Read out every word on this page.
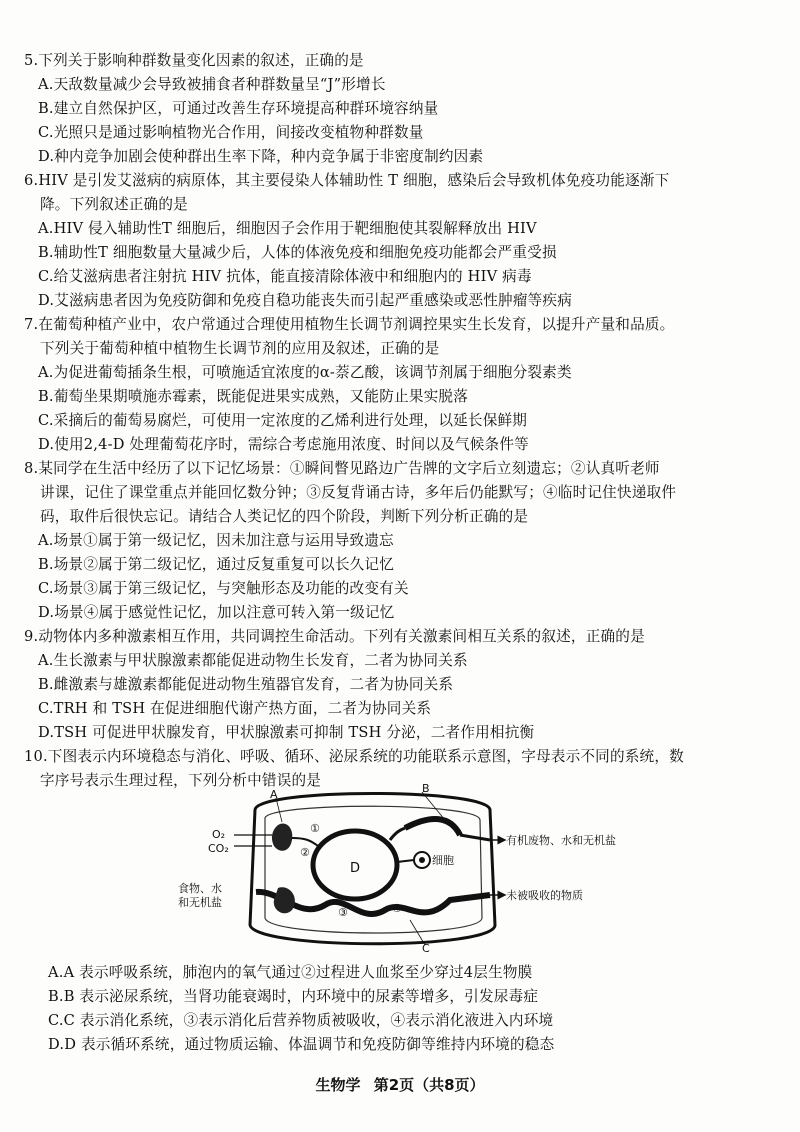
5.下列关于影响种群数量变化因素的叙述，正确的是
A.天敌数量减少会导致被捕食者种群数量呈“J”形增长
B.建立自然保护区，可通过改善生存环境提高种群环境容纳量
C.光照只是通过影响植物光合作用，间接改变植物种群数量
D.种内竞争加剧会使种群出生率下降，种内竞争属于非密度制约因素
6.HIV 是引发艾滋病的病原体，其主要侵染人体辅助性 T 细胞，感染后会导致机体免疫功能逐渐下
降。下列叙述正确的是
A.HIV 侵入辅助性T 细胞后，细胞因子会作用于靶细胞使其裂解释放出 HIV
B.辅助性T 细胞数量大量减少后，人体的体液免疫和细胞免疫功能都会严重受损
C.给艾滋病患者注射抗 HIV 抗体，能直接清除体液中和细胞内的 HIV 病毒
D.艾滋病患者因为免疫防御和免疫自稳功能丧失而引起严重感染或恶性肿瘤等疾病
7.在葡萄种植产业中，农户常通过合理使用植物生长调节剂调控果实生长发育，以提升产量和品质。
下列关于葡萄种植中植物生长调节剂的应用及叙述，正确的是
A.为促进葡萄插条生根，可喷施适宜浓度的α-萘乙酸，该调节剂属于细胞分裂素类
B.葡萄坐果期喷施赤霉素，既能促进果实成熟，又能防止果实脱落
C.采摘后的葡萄易腐烂，可使用一定浓度的乙烯利进行处理，以延长保鲜期
D.使用2,4-D 处理葡萄花序时，需综合考虑施用浓度、时间以及气候条件等
8.某同学在生活中经历了以下记忆场景：①瞬间瞥见路边广告牌的文字后立刻遗忘；②认真听老师
讲课，记住了课堂重点并能回忆数分钟；③反复背诵古诗，多年后仍能默写；④临时记住快递取件
码，取件后很快忘记。请结合人类记忆的四个阶段，判断下列分析正确的是
A.场景①属于第一级记忆，因未加注意与运用导致遗忘
B.场景②属于第二级记忆，通过反复重复可以长久记忆
C.场景③属于第三级记忆，与突触形态及功能的改变有关
D.场景④属于感觉性记忆，加以注意可转入第一级记忆
9.动物体内多种激素相互作用，共同调控生命活动。下列有关激素间相互关系的叙述，正确的是
A.生长激素与甲状腺激素都能促进动物生长发育，二者为协同关系
B.雌激素与雄激素都能促进动物生殖器官发育，二者为协同关系
C.TRH 和 TSH 在促进细胞代谢产热方面，二者为协同关系
D.TSH 可促进甲状腺发育，甲状腺激素可抑制 TSH 分泌，二者作用相抗衡
10.下图表示内环境稳态与消化、呼吸、循环、泌尿系统的功能联系示意图，字母表示不同的系统，数
字序号表示生理过程，下列分析中错误的是
A	B
C
D
O₂
CO₂
①
②
③	④
细胞
有机废物、水和无机盐
未被吸收的物质
食物、水
和无机盐
A.A 表示呼吸系统，肺泡内的氧气通过②过程进人血浆至少穿过4层生物膜
B.B 表示泌尿系统，当肾功能衰竭时，内环境中的尿素等增多，引发尿毒症
C.C 表示消化系统，③表示消化后营养物质被吸收，④表示消化液进入内环境
D.D 表示循环系统，通过物质运输、体温调节和免疫防御等维持内环境的稳态
生物学 第2页（共8页）
